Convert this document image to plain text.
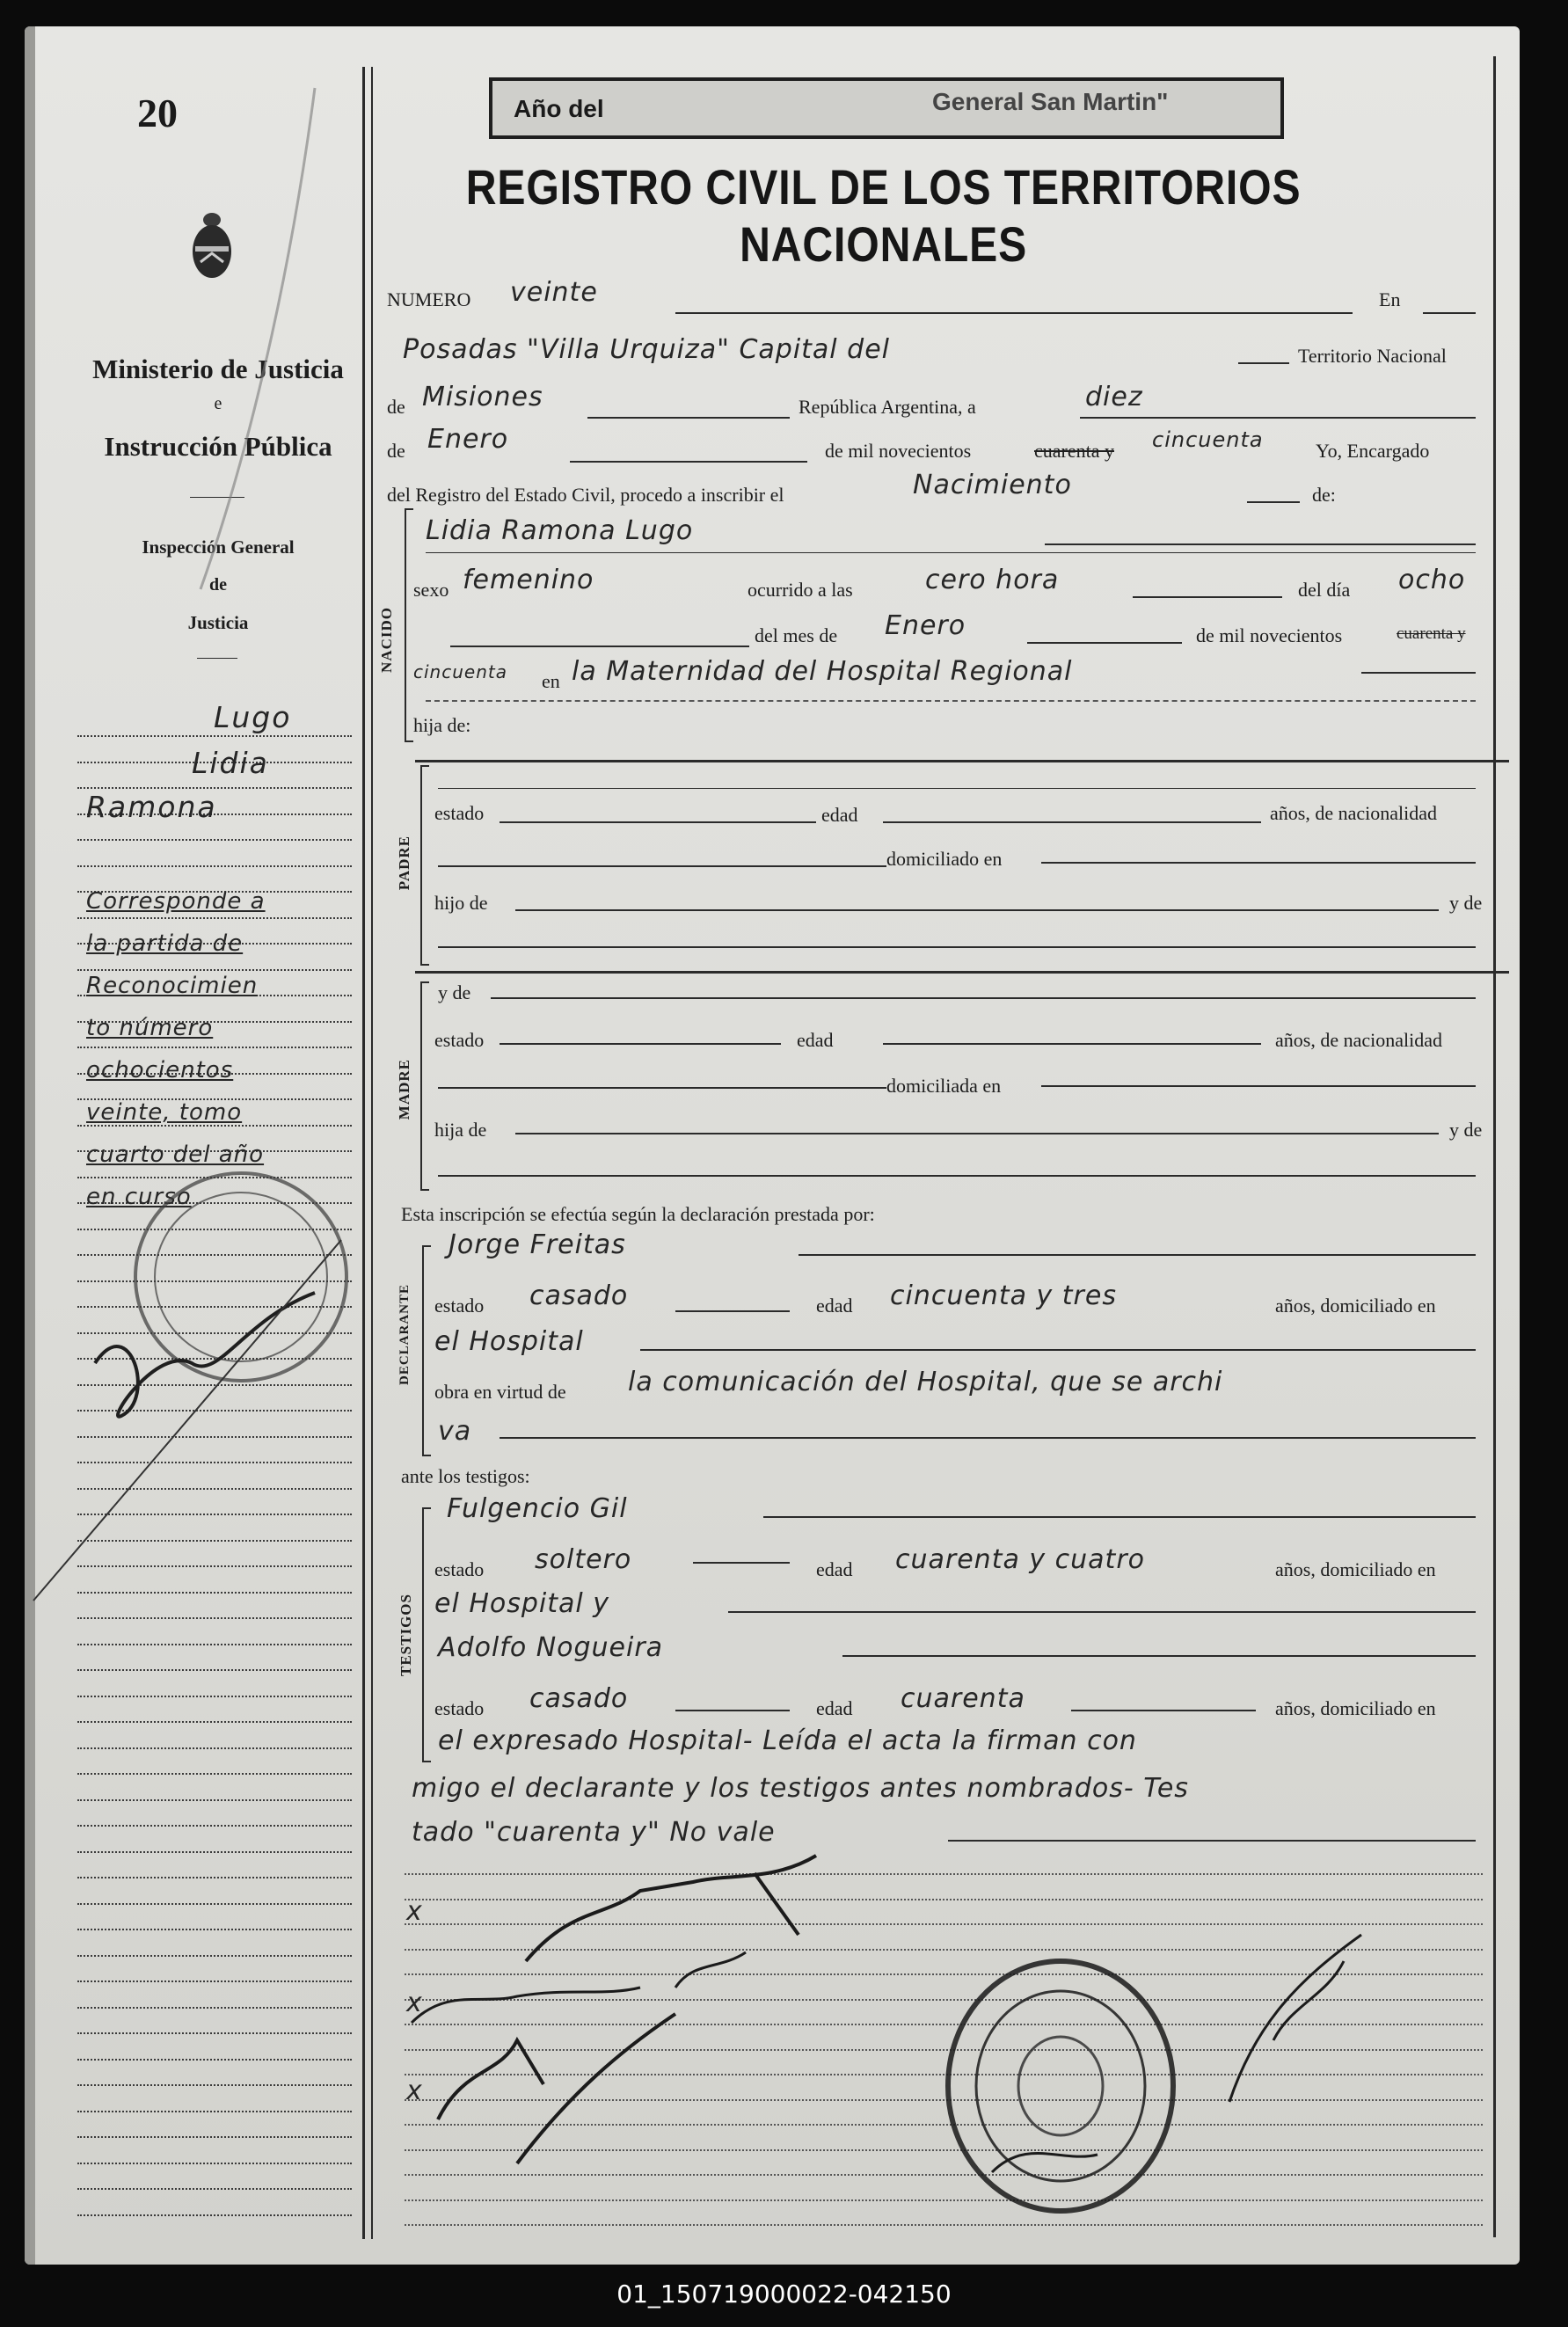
20
Ministerio de Justicia
e
Instrucción Pública
Inspección General
de
Justicia
Lugo
Lidia
Ramona
Corresponde a
la partida de
Reconocimien
to número
ochocientos
veinte, tomo
cuarto del año
en curso
Año del	General San Martin"
REGISTRO CIVIL DE LOS TERRITORIOS NACIONALES
NUMERO veinte	En
Posadas "Villa Urquiza" Capital del	Territorio Nacional
de Misiones	República Argentina, a	diez
de Enero	de mil novecientos	cuarenta y cincuenta	Yo, Encargado
del Registro del Estado Civil, procedo a inscribir el	Nacimiento	de:
NACIDO
Lidia Ramona Lugo
sexo femenino	ocurrido a las	cero hora	del día ocho
del mes de Enero	de mil novecientos	cuarenta y
cincuenta en la Maternidad del Hospital Regional
hija de:
PADRE
estado	edad	años, de nacionalidad
domiciliado en
hijo de	y de
MADRE
y de
estado	edad	años, de nacionalidad
domiciliada en
hija de	y de
Esta inscripción se efectúa según la declaración prestada por:
DECLARANTE
Jorge Freitas
estado casado	edad cincuenta y tres	años, domiciliado en
el Hospital
obra en virtud de la comunicación del Hospital, que se archi
va
ante los testigos:
TESTIGOS
Fulgencio Gil
estado soltero	edad cuarenta y cuatro	años, domiciliado en
el Hospital y
Adolfo Nogueira
estado casado	edad cuarenta	años, domiciliado en
el expresado Hospital- Leída el acta la firman con
migo el declarante y los testigos antes nombrados- Tes
tado "cuarenta y" No vale
x
x
x
01_150719000022-042150
